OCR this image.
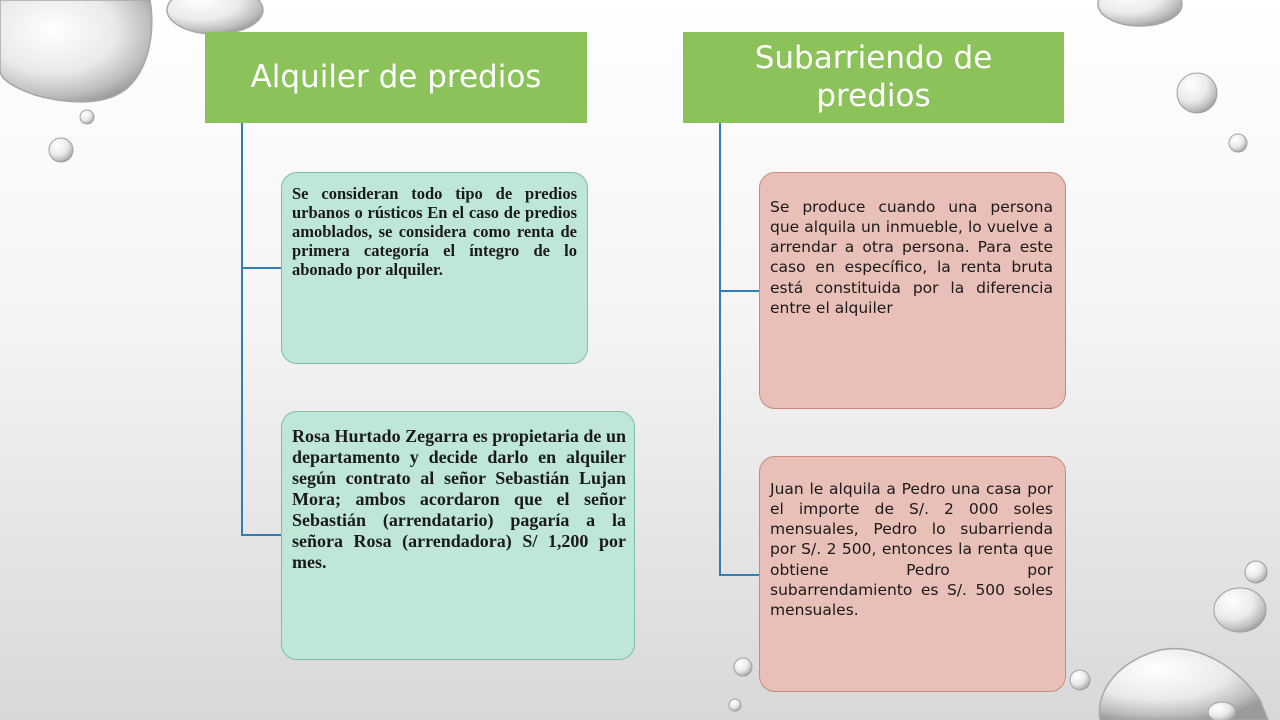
Alquiler de predios
Subarriendo de predios
Se consideran todo tipo de predios urbanos o rústicos En el caso de predios amoblados, se considera como renta de primera categoría el íntegro de lo abonado por alquiler.
Rosa Hurtado Zegarra es propietaria de un departamento y decide darlo en alquiler según contrato al señor Sebastián Lujan Mora; ambos acordaron que el señor Sebastián (arrendatario) pagaría a la señora Rosa (arrendadora) S/ 1,200 por mes.
Se produce cuando una persona que alquila un inmueble, lo vuelve a arrendar a otra persona. Para este caso en específico, la renta bruta está constituida por la diferencia entre el alquiler
Juan le alquila a Pedro una casa por el importe de S/. 2 000 soles mensuales, Pedro lo subarrienda por S/. 2 500, entonces la renta que obtiene Pedro por subarrendamiento es S/. 500 soles mensuales.
